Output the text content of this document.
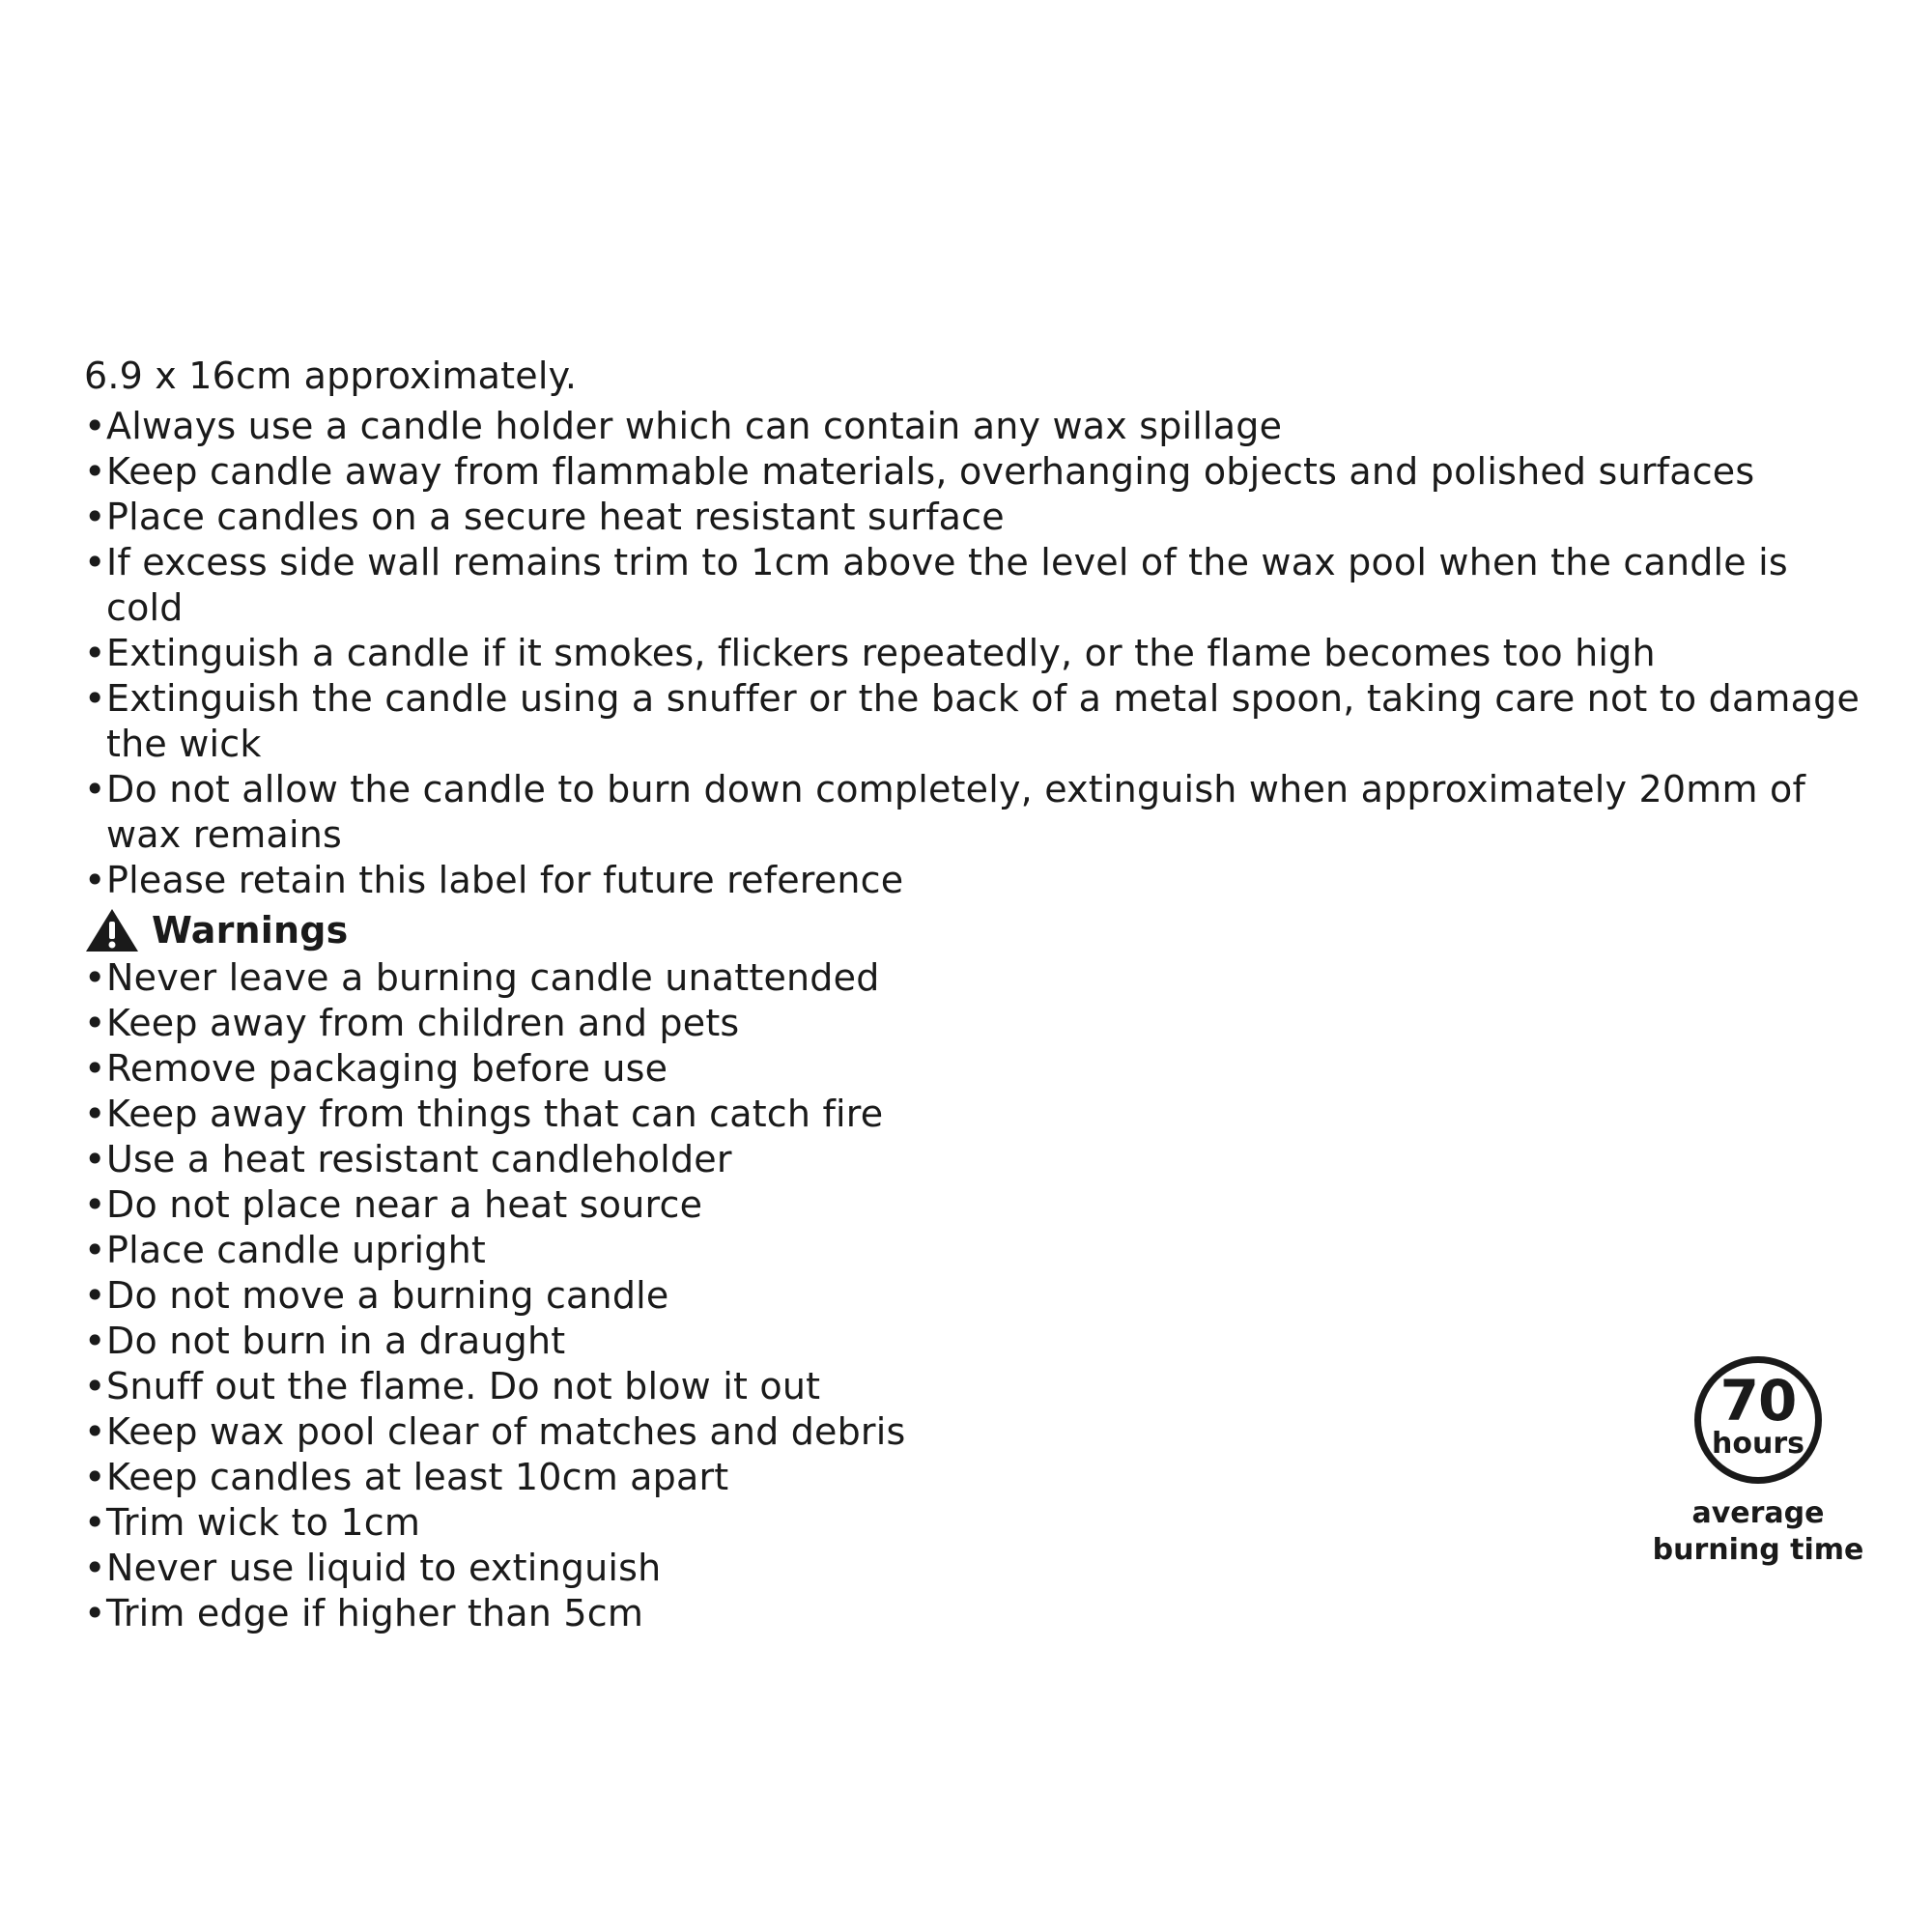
6.9 x 16cm approximately.
• Always use a candle holder which can contain any wax spillage
• Keep candle away from flammable materials, overhanging objects and polished surfaces
• Place candles on a secure heat resistant surface
• If excess side wall remains trim to 1cm above the level of the wax pool when the candle is cold
• Extinguish a candle if it smokes, flickers repeatedly, or the flame becomes too high
• Extinguish the candle using a snuffer or the back of a metal spoon, taking care not to damage the wick
• Do not allow the candle to burn down completely, extinguish when approximately 20mm of wax remains
• Please retain this label for future reference
Warnings
• Never leave a burning candle unattended
• Keep away from children and pets
• Remove packaging before use
• Keep away from things that can catch fire
• Use a heat resistant candleholder
• Do not place near a heat source
• Place candle upright
• Do not move a burning candle
• Do not burn in a draught
• Snuff out the flame. Do not blow it out
• Keep wax pool clear of matches and debris
• Keep candles at least 10cm apart
• Trim wick to 1cm
• Never use liquid to extinguish
• Trim edge if higher than 5cm
70
hours
average
burning time
